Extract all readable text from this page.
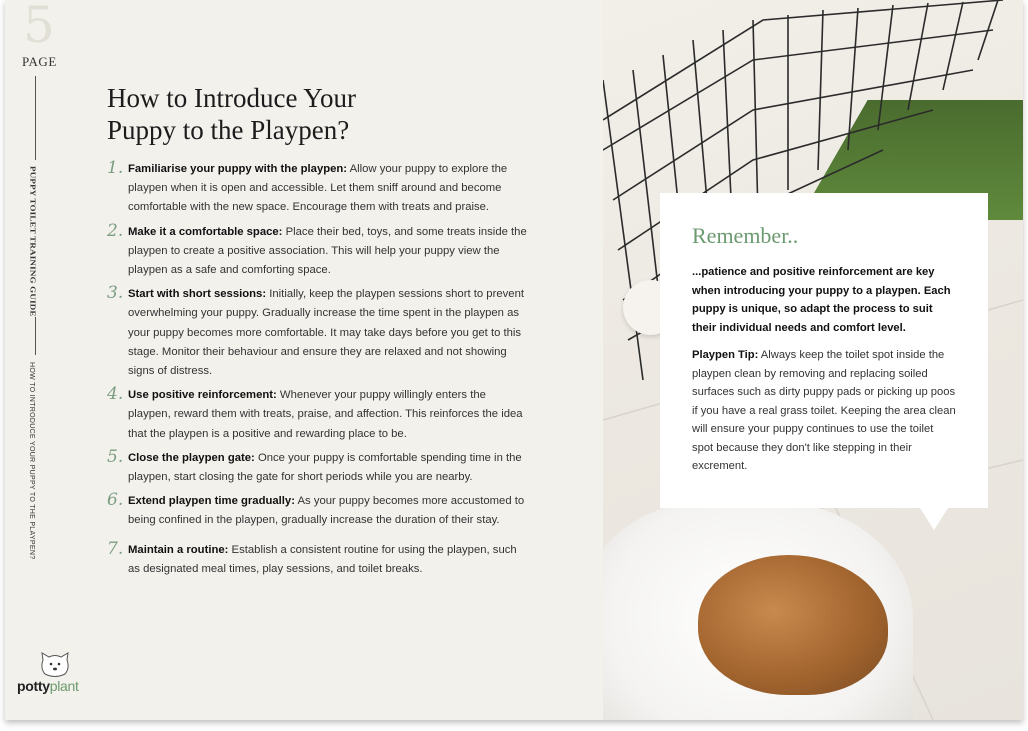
5
PAGE
PUPPY TOILET TRAINING GUIDE
HOW TO INTRODUCE YOUR PUPPY TO THE PLAYPEN?
pottyplant
How to Introduce Your Puppy to the Playpen?
1. Familiarise your puppy with the playpen: Allow your puppy to explore the playpen when it is open and accessible. Let them sniff around and become comfortable with the new space. Encourage them with treats and praise.
2. Make it a comfortable space: Place their bed, toys, and some treats inside the playpen to create a positive association. This will help your puppy view the playpen as a safe and comforting space.
3. Start with short sessions: Initially, keep the playpen sessions short to prevent overwhelming your puppy. Gradually increase the time spent in the playpen as your puppy becomes more comfortable. It may take days before you get to this stage. Monitor their behaviour and ensure they are relaxed and not showing signs of distress.
4. Use positive reinforcement: Whenever your puppy willingly enters the playpen, reward them with treats, praise, and affection. This reinforces the idea that the playpen is a positive and rewarding place to be.
5. Close the playpen gate: Once your puppy is comfortable spending time in the playpen, start closing the gate for short periods while you are nearby.
6. Extend playpen time gradually: As your puppy becomes more accustomed to being confined in the playpen, gradually increase the duration of their stay.
7. Maintain a routine: Establish a consistent routine for using the playpen, such as designated meal times, play sessions, and toilet breaks.
Remember..

...patience and positive reinforcement are key when introducing your puppy to a playpen. Each puppy is unique, so adapt the process to suit their individual needs and comfort level.

Playpen Tip: Always keep the toilet spot inside the playpen clean by removing and replacing soiled surfaces such as dirty puppy pads or picking up poos if you have a real grass toilet. Keeping the area clean will ensure your puppy continues to use the toilet spot because they don't like stepping in their excrement.
